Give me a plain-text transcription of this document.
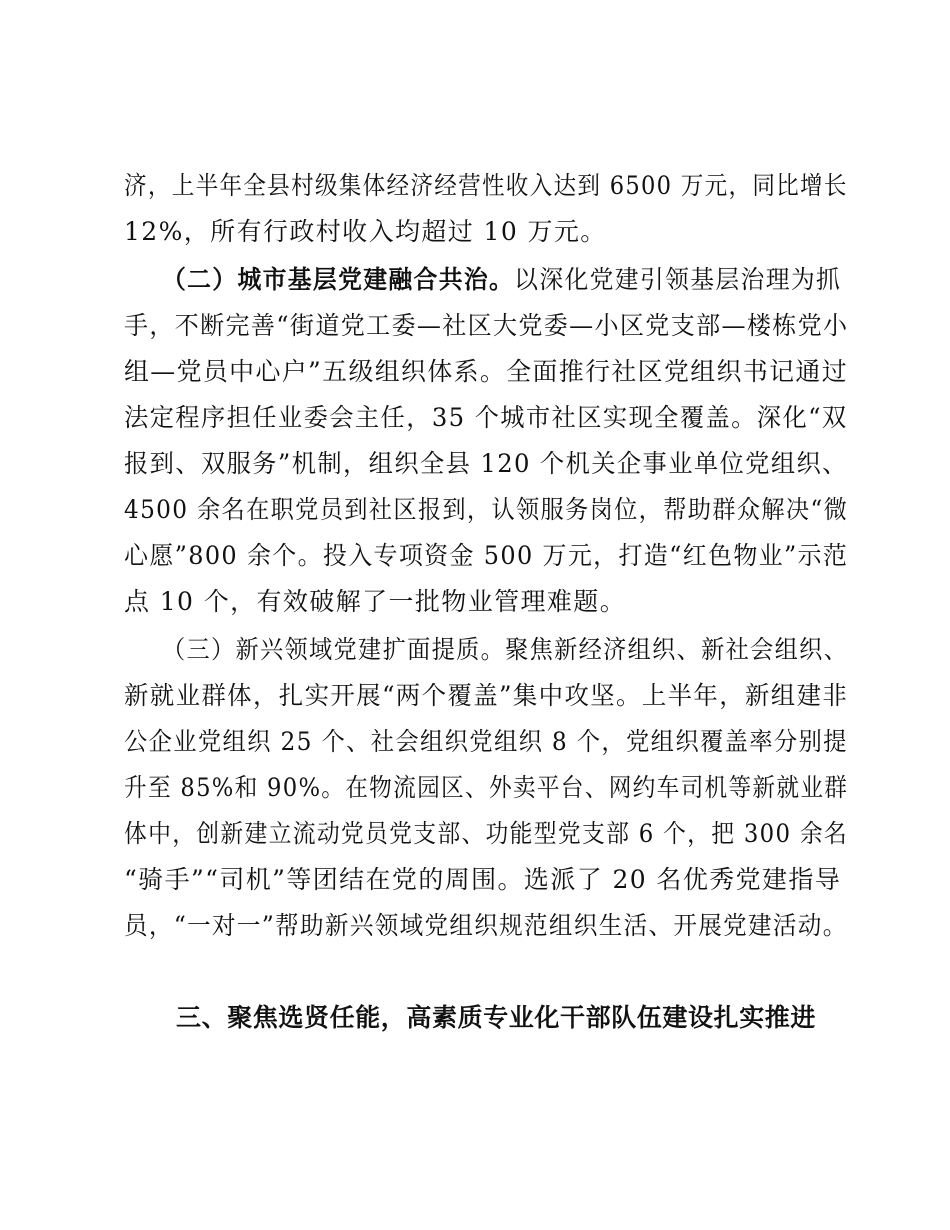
济，上半年全县村级集体经济经营性收入达到 6500 万元，同比增长
12%，所有行政村收入均超过 10 万元。
（二）城市基层党建融合共治。以深化党建引领基层治理为抓
手，不断完善“街道党工委—社区大党委—小区党支部—楼栋党小
组—党员中心户”五级组织体系。全面推行社区党组织书记通过
法定程序担任业委会主任，35 个城市社区实现全覆盖。深化“双
报到、双服务”机制，组织全县 120 个机关企事业单位党组织、
4500 余名在职党员到社区报到，认领服务岗位，帮助群众解决“微
心愿”800 余个。投入专项资金 500 万元，打造“红色物业”示范
点 10 个，有效破解了一批物业管理难题。
（三）新兴领域党建扩面提质。聚焦新经济组织、新社会组织、
新就业群体，扎实开展“两个覆盖”集中攻坚。上半年，新组建非
公企业党组织 25 个、社会组织党组织 8 个，党组织覆盖率分别提
升至 85%和 90%。在物流园区、外卖平台、网约车司机等新就业群
体中，创新建立流动党员党支部、功能型党支部 6 个，把 300 余名
“骑手”“司机”等团结在党的周围。选派了 20 名优秀党建指导
员，“一对一”帮助新兴领域党组织规范组织生活、开展党建活动。
三、聚焦选贤任能，高素质专业化干部队伍建设扎实推进
